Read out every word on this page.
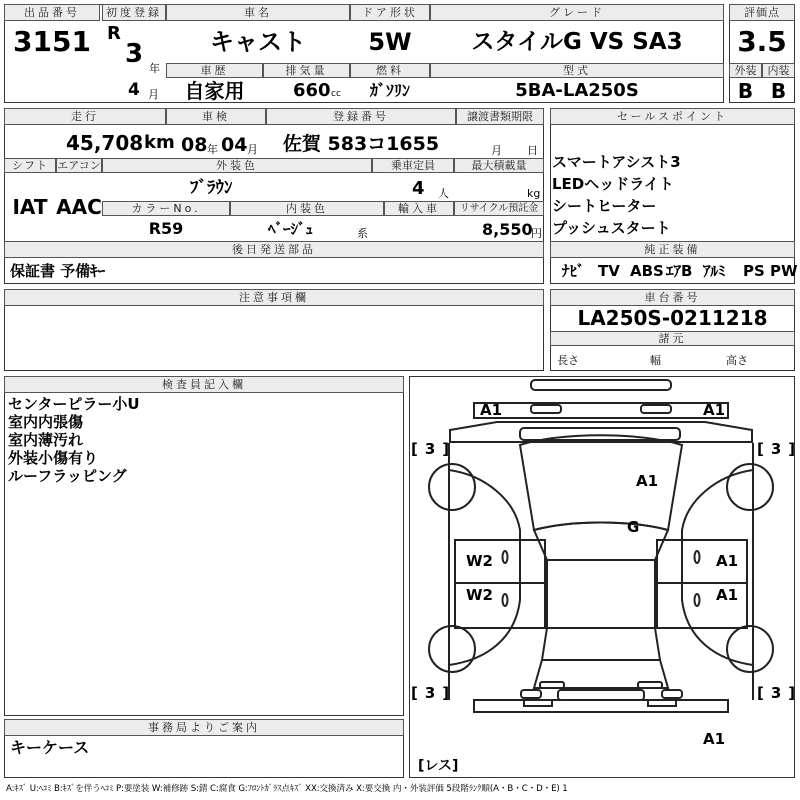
出品番号
3151
初度登録
R
3 年
4 月
車名
キャスト
車歴
自家用
排気量
660 cc
ドア形状
5W
燃料
ｶﾞｿﾘﾝ
グレード
スタイルG VS SA3
型式
5BA-LA250S
評価点
3.5
外装	内装
B B
走行
45,708 km
車検
08 年 04 月
登録番号
佐賀 583コ1655
譲渡書類期限
月 日
シフト エアコン
IAT AAC
外装色
ﾌﾞﾗｳﾝ
乗車定員
4 人
最大積載量
kg
カラーNo.
R59
内装色
ﾍﾞｰｼﾞｭ	系
輸入車	リサイクル預託金
8,550
円
後日発送部品
保証書 予備ｷｰ
セールスポイント
スマートアシスト3
LEDヘッドライト
シートヒーター
プッシュスタート
純正装備
ﾅﾋﾞ TV ABS ｴｱB ｱﾙﾐ PS PW
注意事項欄	車台番号
LA250S-0211218
諸元
長さ	幅	高さ
検査員記入欄
センターピラー小U
室内内張傷
室内薄汚れ
外装小傷有り
ルーフラッピング
事務局よりご案内
キーケース
A1	A1
A1
G
W2
W2
A1
A1
A1
[ 3 ]	[ 3 ]
[ 3 ]	[ 3 ]
[レス]
A:ｷｽﾞ U:ﾍｺﾐ B:ｷｽﾞを伴うﾍｺﾐ P:要塗装 W:補修跡 S:錆 C:腐食 G:ﾌﾛﾝﾄｶﾞﾗｽ点ｷｽﾞ XX:交換済み X:要交換 内・外装評価 5段階ﾗﾝｸ順(A・B・C・D・E) 1
